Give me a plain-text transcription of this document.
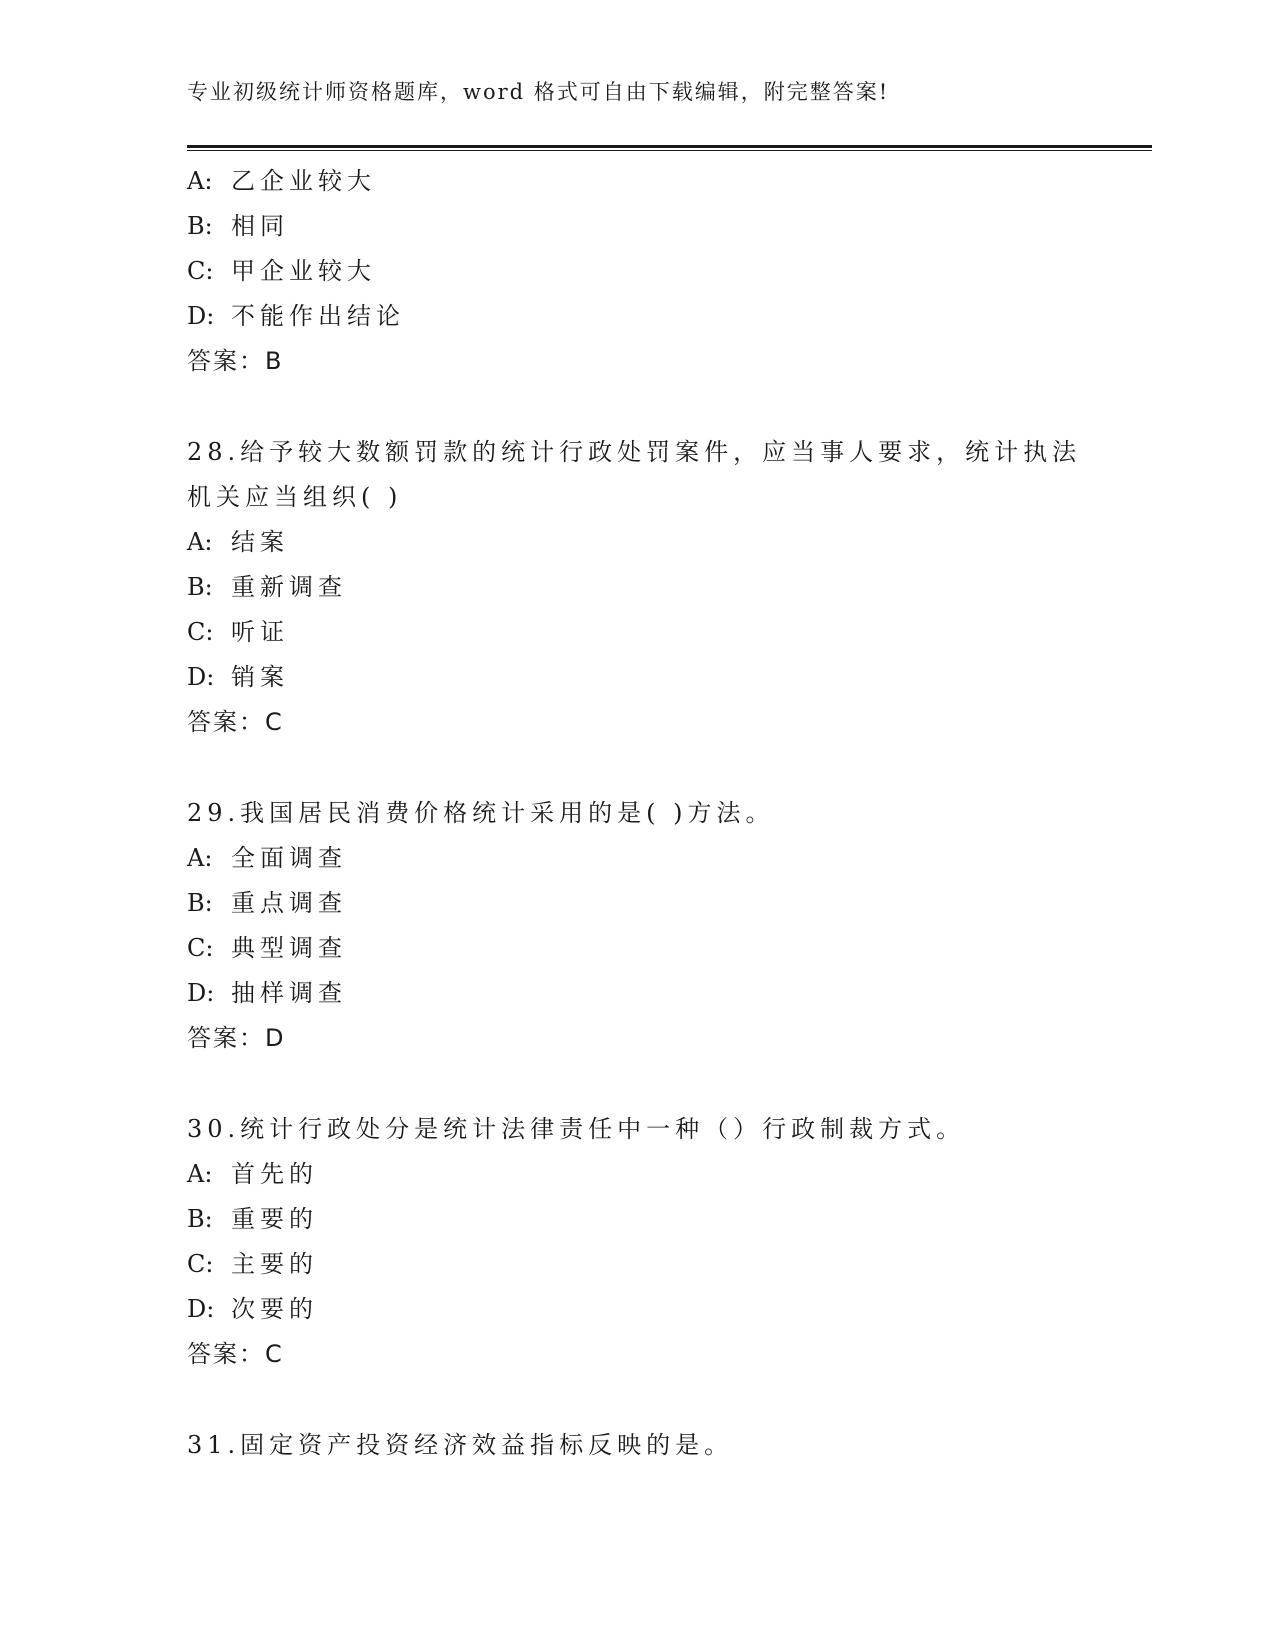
专业初级统计师资格题库，word 格式可自由下载编辑，附完整答案!
A: 乙企业较大
B: 相同
C: 甲企业较大
D: 不能作出结论
答案：B
28.给予较大数额罚款的统计行政处罚案件，应当事人要求，统计执法
机关应当组织( )
A: 结案
B: 重新调查
C: 听证
D: 销案
答案：C
29.我国居民消费价格统计采用的是( )方法。
A: 全面调查
B: 重点调查
C: 典型调查
D: 抽样调查
答案：D
30.统计行政处分是统计法律责任中一种（）行政制裁方式。
A: 首先的
B: 重要的
C: 主要的
D: 次要的
答案：C
31.固定资产投资经济效益指标反映的是。
